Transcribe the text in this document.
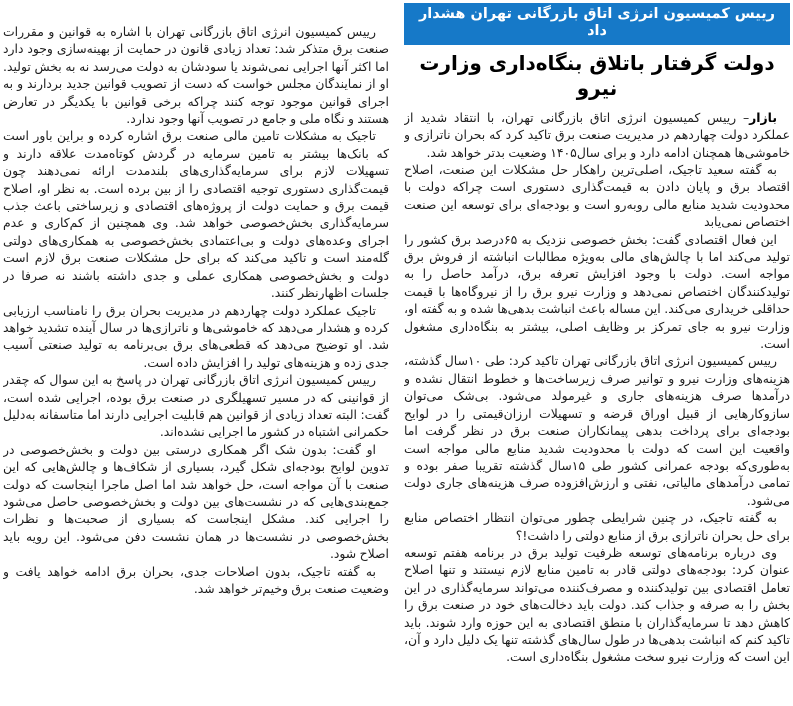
رییس کمیسیون انرژی اتاق بازرگانی تهران هشدار داد
دولت گرفتار باتلاق بنگاه‌داری وزارت نیرو

بازار– رییس کمیسیون انرژی اتاق بازرگانی تهران، با انتقاد شدید از عملکرد دولت چهاردهم در مدیریت صنعت برق تاکید کرد که بحران ناترازی و خاموشی‌ها همچنان ادامه دارد و برای سال۱۴۰۵ وضعیت بدتر خواهد شد.

به گفته سعید تاجیک، اصلی‌ترین راهکار حل مشکلات این صنعت، اصلاح اقتصاد برق و پایان دادن به قیمت‌گذاری دستوری است چراکه دولت با محدودیت شدید منابع مالی روبه‌رو است و بودجه‌ای برای توسعه این صنعت اختصاص نمی‌یابد

این فعال اقتصادی گفت: بخش خصوصی نزدیک به ۶۵درصد برق کشور را تولید می‌کند اما با چالش‌های مالی به‌ویژه مطالبات انباشته از فروش برق مواجه است. دولت با وجود افزایش تعرفه برق، درآمد حاصل را به تولیدکنندگان اختصاص نمی‌دهد و وزارت نیرو برق را از نیروگاه‌ها با قیمت حداقلی خریداری می‌کند. این مساله باعث انباشت بدهی‌ها شده و به گفته او، وزارت نیرو به جای تمرکز بر وظایف اصلی، بیشتر به بنگاه‌داری مشغول است.

رییس کمیسیون انرژی اتاق بازرگانی تهران تاکید کرد: طی ۱۰سال گذشته، هزینه‌های وزارت نیرو و توانیر صرف زیرساخت‌ها و خطوط انتقال نشده و درآمدها صرف هزینه‌های جاری و غیرمولد می‌شود. بی‌شک می‌توان سازوکارهایی از قبیل اوراق قرضه و تسهیلات ارزان‌قیمتی را در لوایح بودجه‌ای برای پرداخت بدهی پیمانکاران صنعت برق در نظر گرفت اما واقعیت این است که دولت با محدودیت شدید منابع مالی مواجه است به‌طوری‌که بودجه عمرانی کشور طی ۱۵سال گذشته تقریبا صفر بوده و تمامی درآمدهای مالیاتی، نفتی و ارزش‌افزوده صرف هزینه‌های جاری دولت می‌شود.

به گفته تاجیک، در چنین شرایطی چطور می‌توان انتظار اختصاص منابع برای حل بحران ناترازی برق از منابع دولتی را داشت!؟

وی درباره برنامه‌های توسعه ظرفیت تولید برق در برنامه هفتم توسعه عنوان کرد: بودجه‌های دولتی قادر به تامین منابع لازم نیستند و تنها اصلاح تعامل اقتصادی بین تولیدکننده و مصرف‌کننده می‌تواند سرمایه‌گذاری در این بخش را به صرفه و جذاب کند. دولت باید دخالت‌های خود در صنعت برق را کاهش دهد تا سرمایه‌گذاران با منطق اقتصادی به این حوزه وارد شوند. باید تاکید کنم که انباشت بدهی‌ها در طول سال‌های گذشته تنها یک دلیل دارد و آن، این است که وزارت نیرو سخت مشغول بنگاه‌داری است.

رییس کمیسیون انرژی اتاق بازرگانی تهران با اشاره به قوانین و مقررات صنعت برق متذکر شد: تعداد زیادی قانون در حمایت از بهینه‌سازی وجود دارد اما اکثر آنها اجرایی نمی‌شوند یا سودشان به دولت می‌رسد نه به بخش تولید. او از نمایندگان مجلس خواست که دست از تصویب قوانین جدید بردارند و به اجرای قوانین موجود توجه کنند چراکه برخی قوانین با یکدیگر در تعارض هستند و نگاه ملی و جامع در تصویب آنها وجود ندارد.

تاجیک به مشکلات تامین مالی صنعت برق اشاره کرده و براین باور است که بانک‌ها بیشتر به تامین سرمایه در گردش کوتاه‌مدت علاقه دارند و تسهیلات لازم برای سرمایه‌گذاری‌های بلندمدت ارائه نمی‌دهند چون قیمت‌گذاری دستوری توجیه اقتصادی را از بین برده است. به نظر او، اصلاح قیمت برق و حمایت دولت از پروژه‌های اقتصادی و زیرساختی باعث جذب سرمایه‌گذاری بخش‌خصوصی خواهد شد. وی همچنین از کم‌کاری و عدم اجرای وعده‌های دولت و بی‌اعتمادی بخش‌خصوصی به همکاری‌های دولتی گله‌مند است و تاکید می‌کند که برای حل مشکلات صنعت برق لازم است دولت و بخش‌خصوصی همکاری عملی و جدی داشته باشند نه صرفا در جلسات اظهارنظر کنند.

تاجیک عملکرد دولت چهاردهم در مدیریت بحران برق را نامناسب ارزیابی کرده و هشدار می‌دهد که خاموشی‌ها و ناترازی‌ها در سال آینده تشدید خواهد شد. او توضیح می‌دهد که قطعی‌های برق بی‌برنامه به تولید صنعتی آسیب جدی زده و هزینه‌های تولید را افزایش داده است.

رییس کمیسیون انرژی اتاق بازرگانی تهران در پاسخ به این سوال که چقدر از قوانینی که در مسیر تسهیلگری در صنعت برق بوده، اجرایی شده است، گفت: البته تعداد زیادی از قوانین هم قابلیت اجرایی دارند اما متاسفانه به‌دلیل حکمرانی اشتباه در کشور ما اجرایی نشده‌اند.

او گفت: بدون شک اگر همکاری درستی بین دولت و بخش‌خصوصی در تدوین لوایح بودجه‌ای شکل گیرد، بسیاری از شکاف‌ها و چالش‌هایی که این صنعت با آن مواجه است، حل خواهد شد اما اصل ماجرا اینجاست که دولت جمع‌بندی‌هایی که در نشست‌های بین دولت و بخش‌خصوصی حاصل می‌شود را اجرایی کند. مشکل اینجاست که بسیاری از صحبت‌ها و نظرات بخش‌خصوصی در نشست‌ها در همان نشست دفن می‌شود. این رویه باید اصلاح شود.

به گفته تاجیک، بدون اصلاحات جدی، بحران برق ادامه خواهد یافت و وضعیت صنعت برق وخیم‌تر خواهد شد.
